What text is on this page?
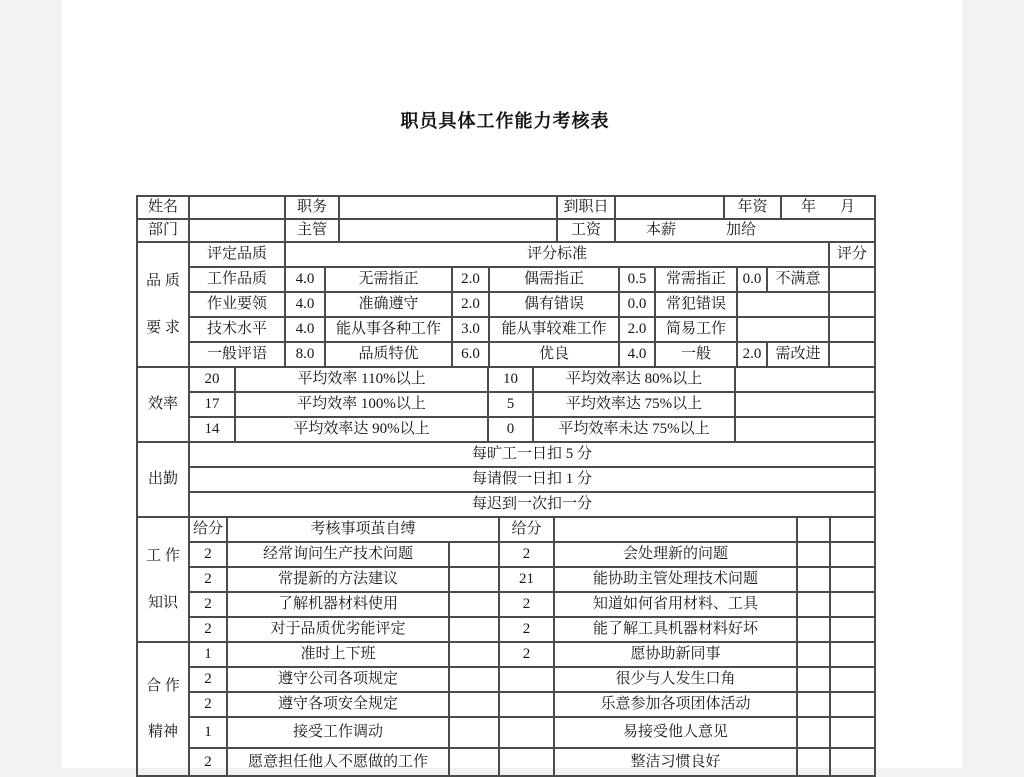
职员具体工作能力考核表
姓名		职务		到职日		年资	年 月

部门		主管		工资	本薪 加给		
品 质
要 求	评定品质	评分标准								评分
	工作品质	4.0	无需指正	2.0	偶需指正	0.5	常需指正	0.0	不满意	
	作业要领	4.0	准确遵守	2.0	偶有错误	0.0	常犯错误			
	技术水平	4.0	能从事各种工作	3.0	能从事较难工作	2.0	简易工作			
	一般评语	8.0	品质特优	6.0	优良	4.0	一般	2.0	需改进	
效率	20	平均效率 110%以上	10	平均效率达 80%以上	
	17	平均效率 100%以上	5	平均效率达 75%以上	
	14	平均效率达 90%以上	0	平均效率未达 75%以上	
出勤	每旷工一日扣 5 分
每请假一日扣 1 分
每迟到一次扣一分
工 作
知识	给分	考核事项茧自缚		给分			
	2	经常询问生产技术问题		2	会处理新的问题		
	2	常提新的方法建议		21	能协助主管处理技术问题		
	2	了解机器材料使用		2	知道如何省用材料、工具		
	2	对于品质优劣能评定		2	能了解工具机器材料好坏		
合 作
精神	1	准时上下班		2	愿协助新同事		
	2	遵守公司各项规定			很少与人发生口角		
	2	遵守各项安全规定			乐意参加各项团体活动		
	1	接受工作调动			易接受他人意见		
	2	愿意担任他人不愿做的工作			整洁习惯良好		
